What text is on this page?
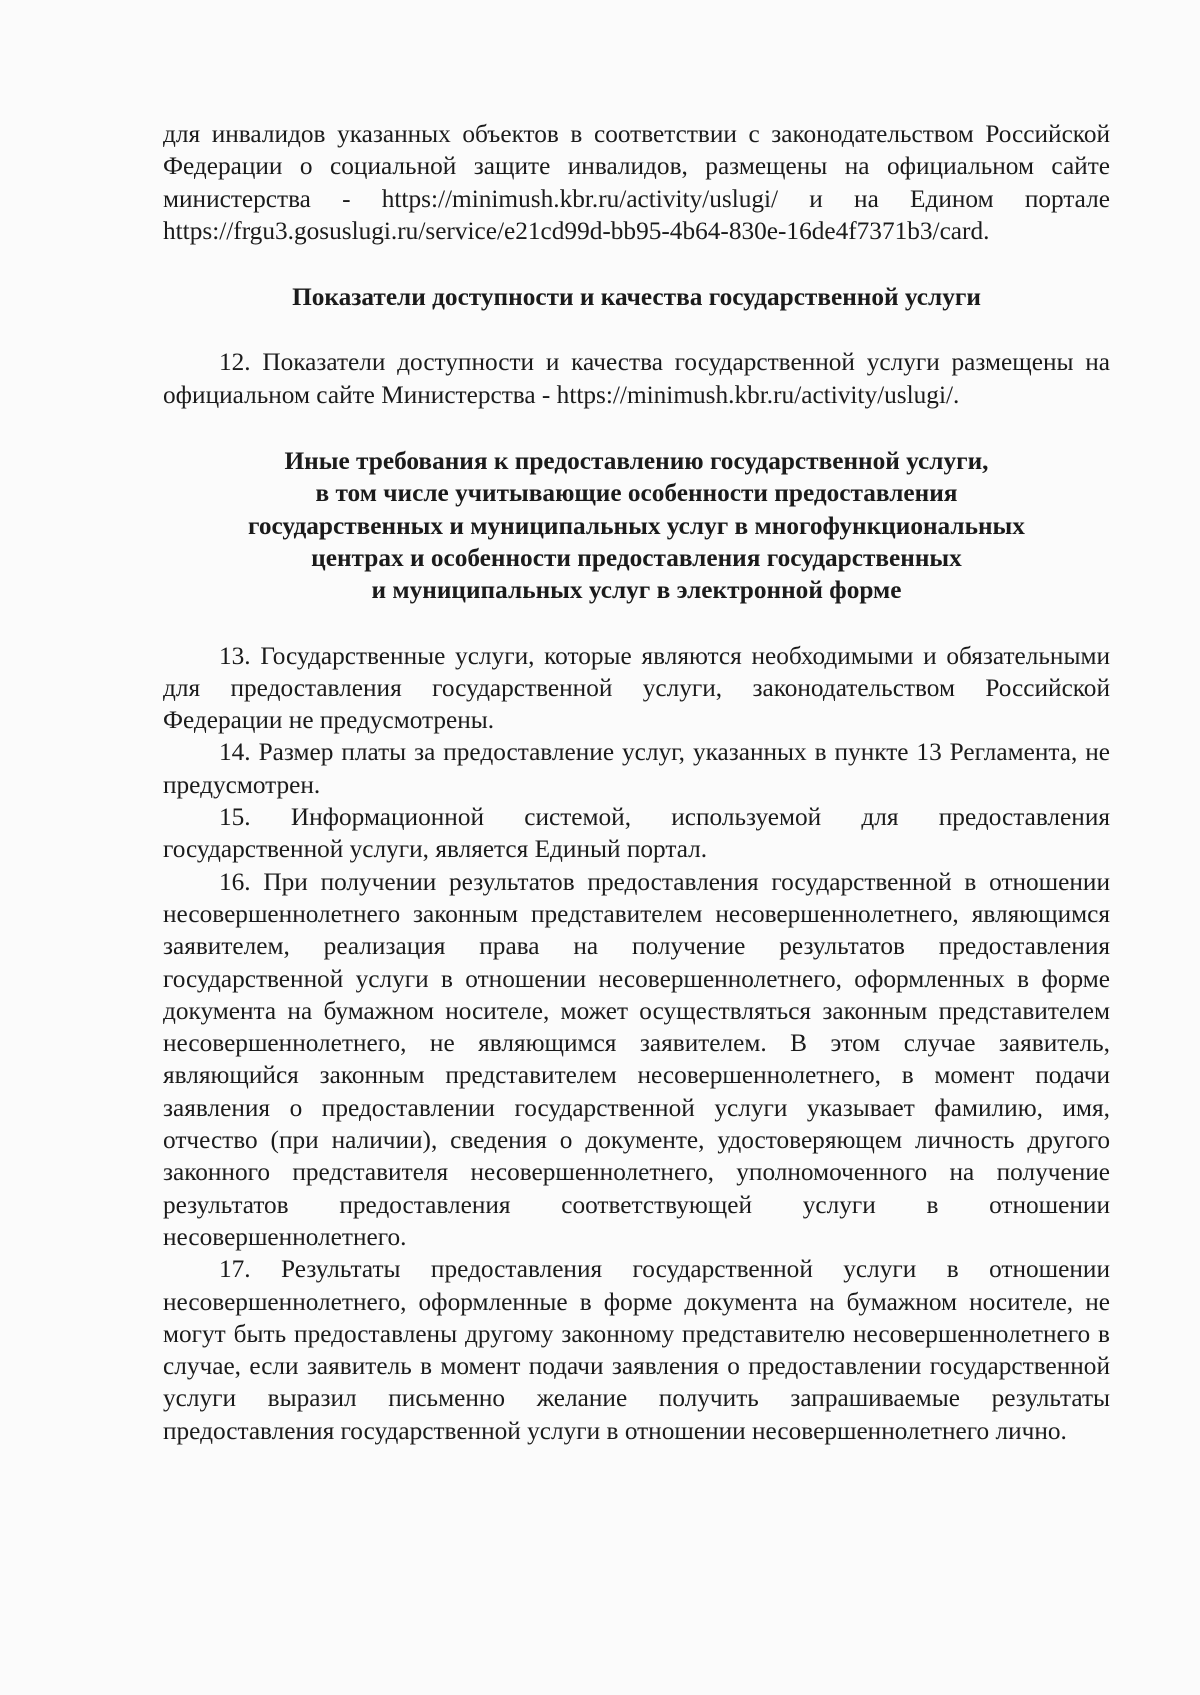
для инвалидов указанных объектов в соответствии с законодательством Российской Федерации о социальной защите инвалидов, размещены на официальном сайте министерства - https://minimush.kbr.ru/activity/uslugi/ и на Едином портале https://frgu3.gosuslugi.ru/service/e21cd99d-bb95-4b64-830e-16de4f7371b3/card.

Показатели доступности и качества государственной услуги

12. Показатели доступности и качества государственной услуги размещены на официальном сайте Министерства - https://minimush.kbr.ru/activity/uslugi/.

Иные требования к предоставлению государственной услуги,
в том числе учитывающие особенности предоставления
государственных и муниципальных услуг в многофункциональных
центрах и особенности предоставления государственных
и муниципальных услуг в электронной форме

13. Государственные услуги, которые являются необходимыми и обязательными для предоставления государственной услуги, законодательством Российской Федерации не предусмотрены.

14. Размер платы за предоставление услуг, указанных в пункте 13 Регламента, не предусмотрен.

15. Информационной системой, используемой для предоставления государственной услуги, является Единый портал.

16. При получении результатов предоставления государственной в отношении несовершеннолетнего законным представителем несовершеннолетнего, являющимся заявителем, реализация права на получение результатов предоставления государственной услуги в отношении несовершеннолетнего, оформленных в форме документа на бумажном носителе, может осуществляться законным представителем несовершеннолетнего, не являющимся заявителем. В этом случае заявитель, являющийся законным представителем несовершеннолетнего, в момент подачи заявления о предоставлении государственной услуги указывает фамилию, имя, отчество (при наличии), сведения о документе, удостоверяющем личность другого законного представителя несовершеннолетнего, уполномоченного на получение результатов предоставления соответствующей услуги в отношении несовершеннолетнего.

17. Результаты предоставления государственной услуги в отношении несовершеннолетнего, оформленные в форме документа на бумажном носителе, не могут быть предоставлены другому законному представителю несовершеннолетнего в случае, если заявитель в момент подачи заявления о предоставлении государственной услуги выразил письменно желание получить запрашиваемые результаты предоставления государственной услуги в отношении несовершеннолетнего лично.
